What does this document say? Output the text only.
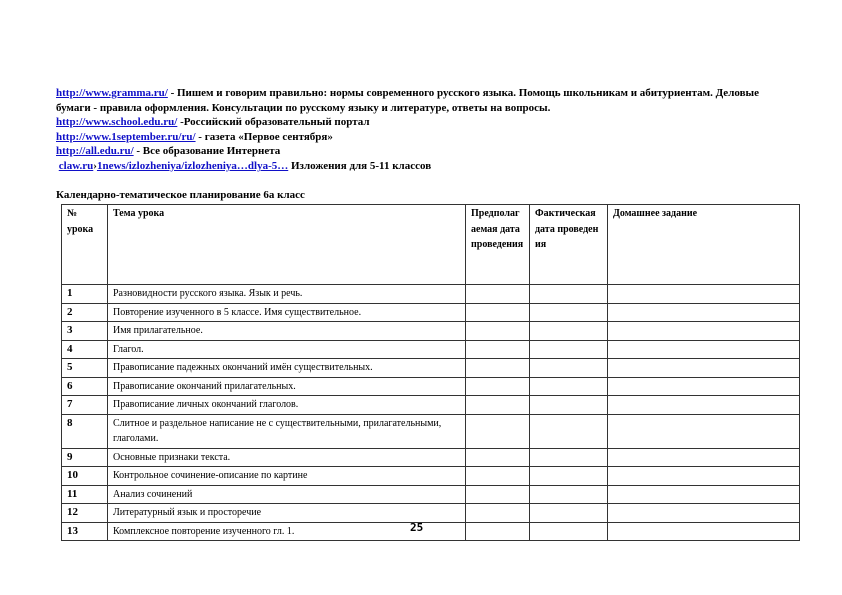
http://www.gramma.ru/ - Пишем и говорим правильно: нормы современного русского языка. Помощь школьникам и абитуриентам. Деловые бумаги - правила оформления. Консультации по русскому языку и литературе, ответы на вопросы.
http://www.school.edu.ru/ -Российский образовательный портал
http://www.1september.ru/ru/ - газета «Первое сентября»
http://all.edu.ru/ - Все образование Интернета
claw.ru›1news/izlozheniya/izlozheniya…dlya-5… Изложения для 5-11 классов
Календарно-тематическое планирование 6а класс
№ урока	Тема урока	Предполагаемая дата проведения	Фактическая дата проведения	Домашнее задание
1	Разновидности русского языка. Язык и речь.			
2	Повторение изученного в 5 классе. Имя существительное.			
3	Имя прилагательное.			
4	Глагол.			
5	Правописание падежных окончаний имён существительных.			
6	Правописание окончаний прилагательных.			
7	Правописание личных окончаний глаголов.			
8	Слитное и раздельное написание не с существительными, прилагательными, глаголами.			
9	Основные признаки текста.			
10	Контрольное сочинение-описание по картине			
11	Анализ сочинений			
12	Литературный язык и просторечие			
13	Комплексное повторение изученного гл. 1.				25
